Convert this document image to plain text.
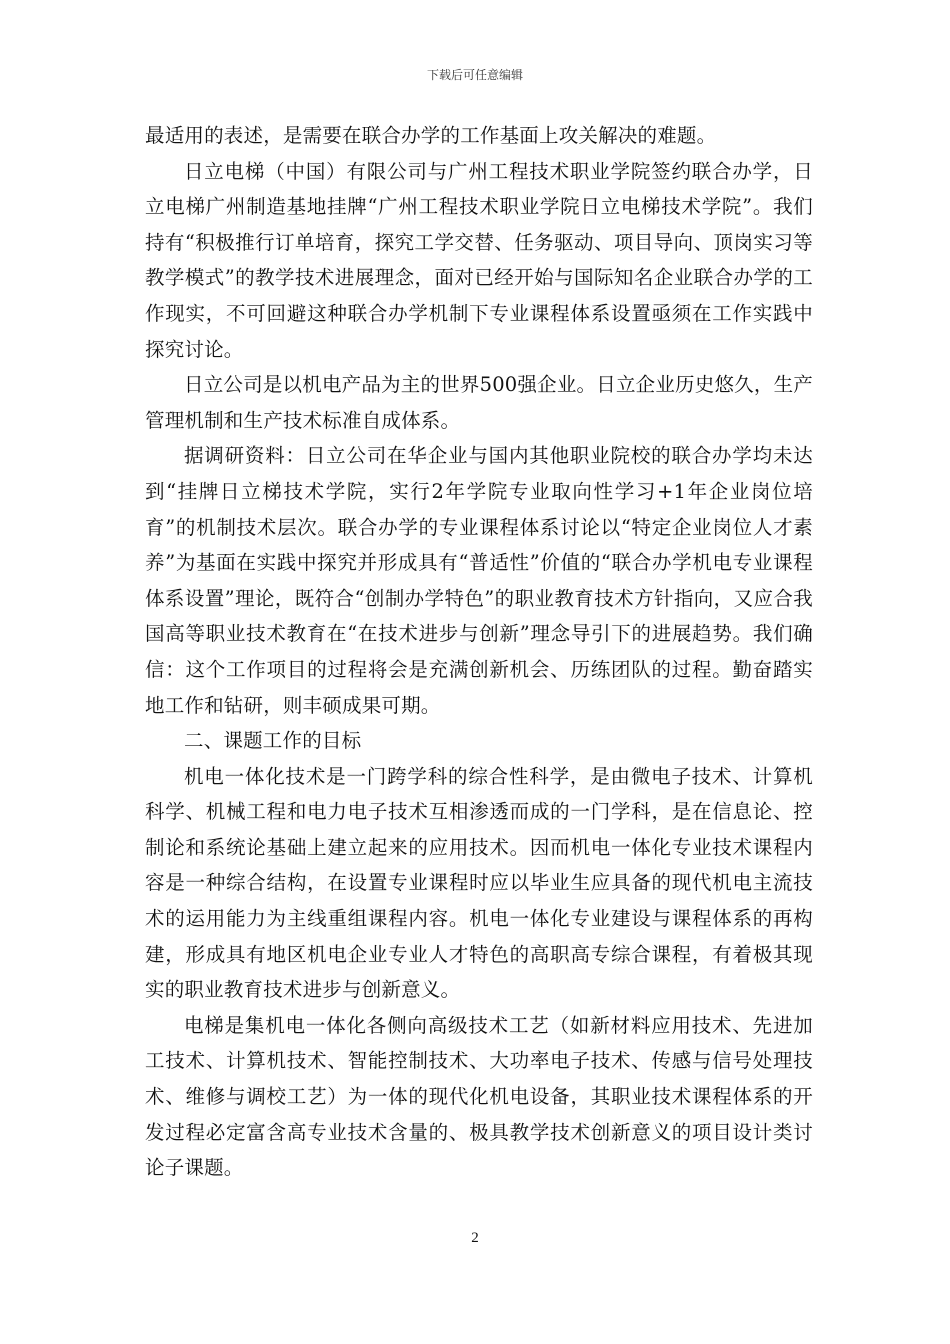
下载后可任意编辑

最适用的表述，是需要在联合办学的工作基面上攻关解决的难题。

日立电梯（中国）有限公司与广州工程技术职业学院签约联合办学，日立电梯广州制造基地挂牌“广州工程技术职业学院日立电梯技术学院”。我们持有“积极推行订单培育，探究工学交替、任务驱动、项目导向、顶岗实习等教学模式”的教学技术进展理念，面对已经开始与国际知名企业联合办学的工作现实，不可回避这种联合办学机制下专业课程体系设置亟须在工作实践中探究讨论。

日立公司是以机电产品为主的世界500强企业。日立企业历史悠久，生产管理机制和生产技术标准自成体系。

据调研资料：日立公司在华企业与国内其他职业院校的联合办学均未达到“挂牌日立梯技术学院，实行2年学院专业取向性学习+1年企业岗位培育”的机制技术层次。联合办学的专业课程体系讨论以“特定企业岗位人才素养”为基面在实践中探究并形成具有“普适性”价值的“联合办学机电专业课程体系设置”理论，既符合“创制办学特色”的职业教育技术方针指向，又应合我国高等职业技术教育在“在技术进步与创新”理念导引下的进展趋势。我们确信：这个工作项目的过程将会是充满创新机会、历练团队的过程。勤奋踏实地工作和钻研，则丰硕成果可期。

二、课题工作的目标

机电一体化技术是一门跨学科的综合性科学，是由微电子技术、计算机科学、机械工程和电力电子技术互相渗透而成的一门学科，是在信息论、控制论和系统论基础上建立起来的应用技术。因而机电一体化专业技术课程内容是一种综合结构，在设置专业课程时应以毕业生应具备的现代机电主流技术的运用能力为主线重组课程内容。机电一体化专业建设与课程体系的再构建，形成具有地区机电企业专业人才特色的高职高专综合课程，有着极其现实的职业教育技术进步与创新意义。

电梯是集机电一体化各侧向高级技术工艺（如新材料应用技术、先进加工技术、计算机技术、智能控制技术、大功率电子技术、传感与信号处理技术、维修与调校工艺）为一体的现代化机电设备，其职业技术课程体系的开发过程必定富含高专业技术含量的、极具教学技术创新意义的项目设计类讨论子课题。

2
